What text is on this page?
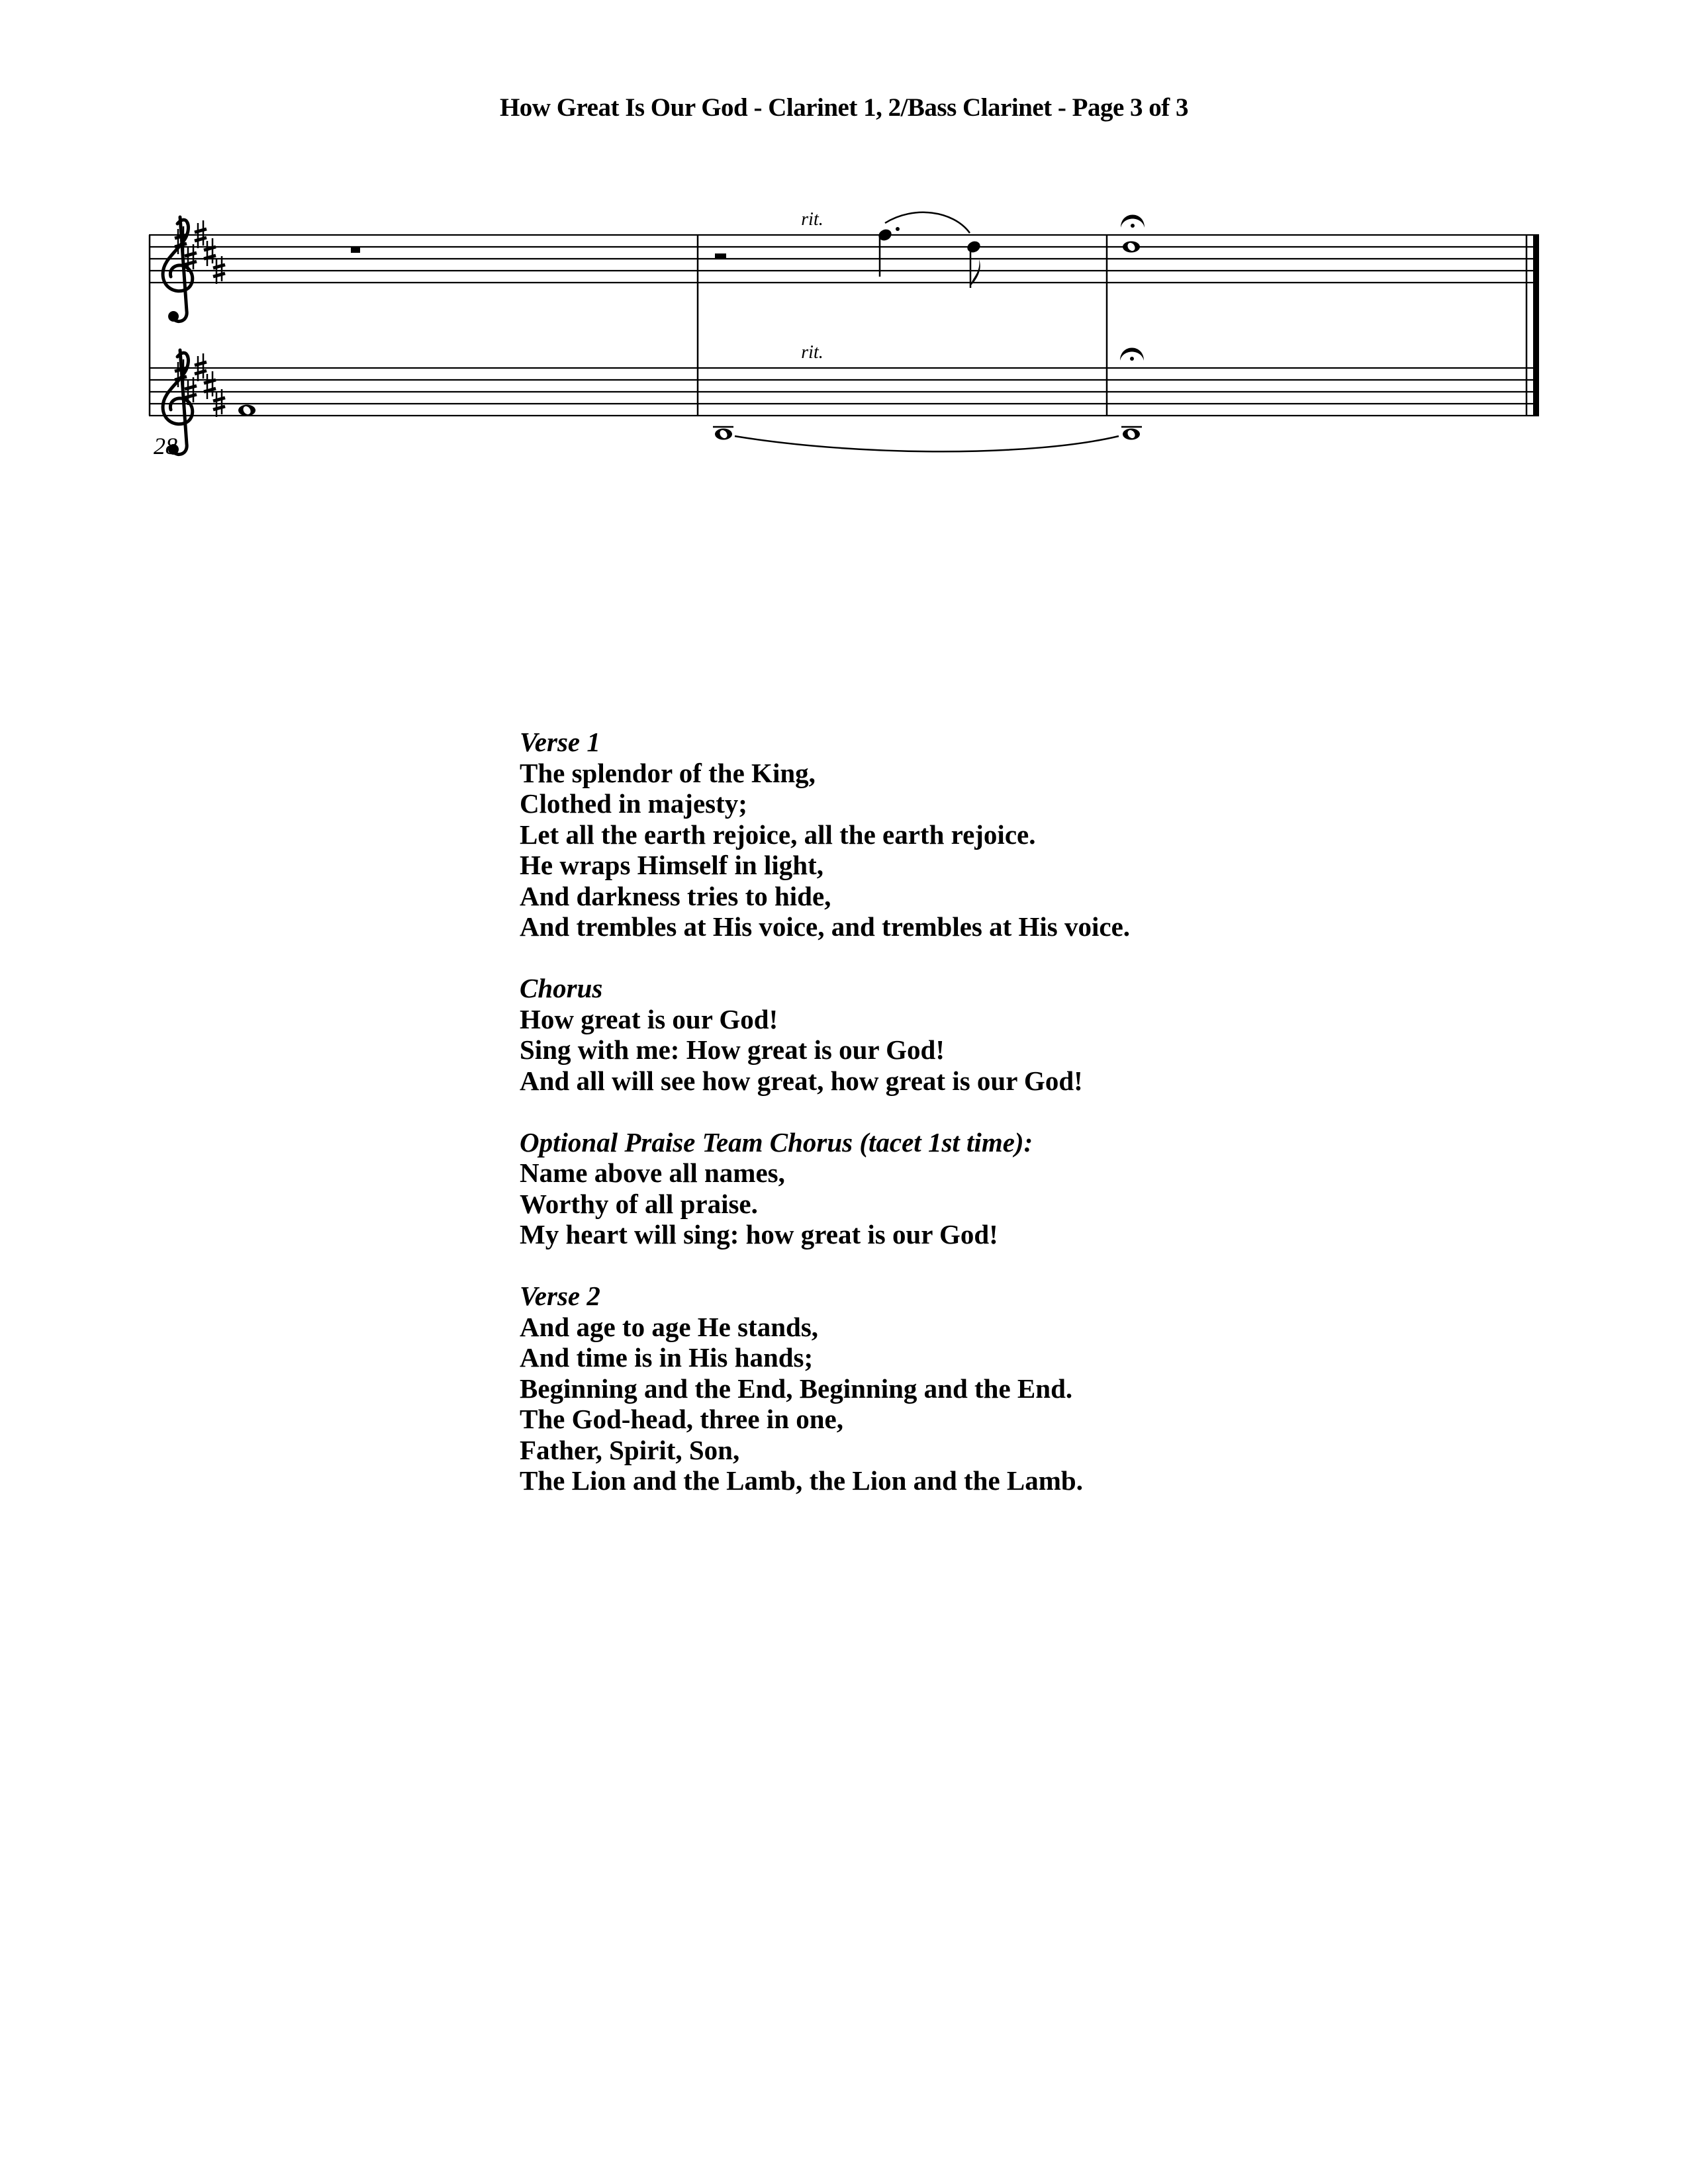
How Great Is Our God - Clarinet 1, 2/Bass Clarinet - Page 3 of 3
28
rit.
rit.
Verse 1
The splendor of the King,
Clothed in majesty;
Let all the earth rejoice, all the earth rejoice.
He wraps Himself in light,
And darkness tries to hide,
And trembles at His voice, and trembles at His voice.
Chorus
How great is our God!
Sing with me: How great is our God!
And all will see how great, how great is our God!
Optional Praise Team Chorus (tacet 1st time):
Name above all names,
Worthy of all praise.
My heart will sing: how great is our God!
Verse 2
And age to age He stands,
And time is in His hands;
Beginning and the End, Beginning and the End.
The God-head, three in one,
Father, Spirit, Son,
The Lion and the Lamb, the Lion and the Lamb.
